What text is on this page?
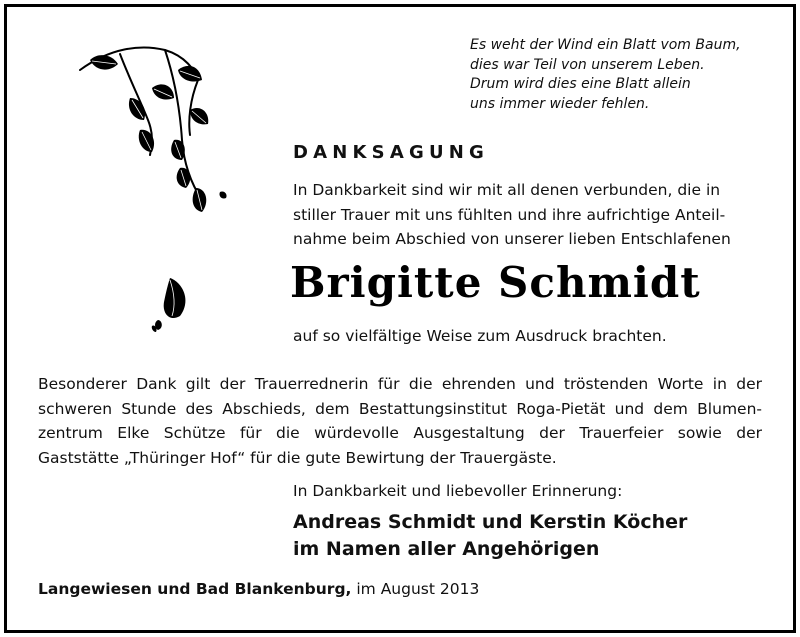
Es weht der Wind ein Blatt vom Baum,
dies war Teil von unserem Leben.
Drum wird dies eine Blatt allein
uns immer wieder fehlen.
DANKSAGUNG
In Dankbarkeit sind wir mit all denen verbunden, die in
stiller Trauer mit uns fühlten und ihre aufrichtige Anteil-
nahme beim Abschied von unserer lieben Entschlafenen
Brigitte Schmidt
auf so vielfältige Weise zum Ausdruck brachten.
Besonderer Dank gilt der Trauerrednerin für die ehrenden und tröstenden Worte in der
schweren Stunde des Abschieds, dem Bestattungsinstitut Roga-Pietät und dem Blumen-
zentrum Elke Schütze für die würdevolle Ausgestaltung der Trauerfeier sowie der
Gaststätte „Thüringer Hof“ für die gute Bewirtung der Trauergäste.
In Dankbarkeit und liebevoller Erinnerung:
Andreas Schmidt und Kerstin Köcher
im Namen aller Angehörigen
Langewiesen und Bad Blankenburg, im August 2013
